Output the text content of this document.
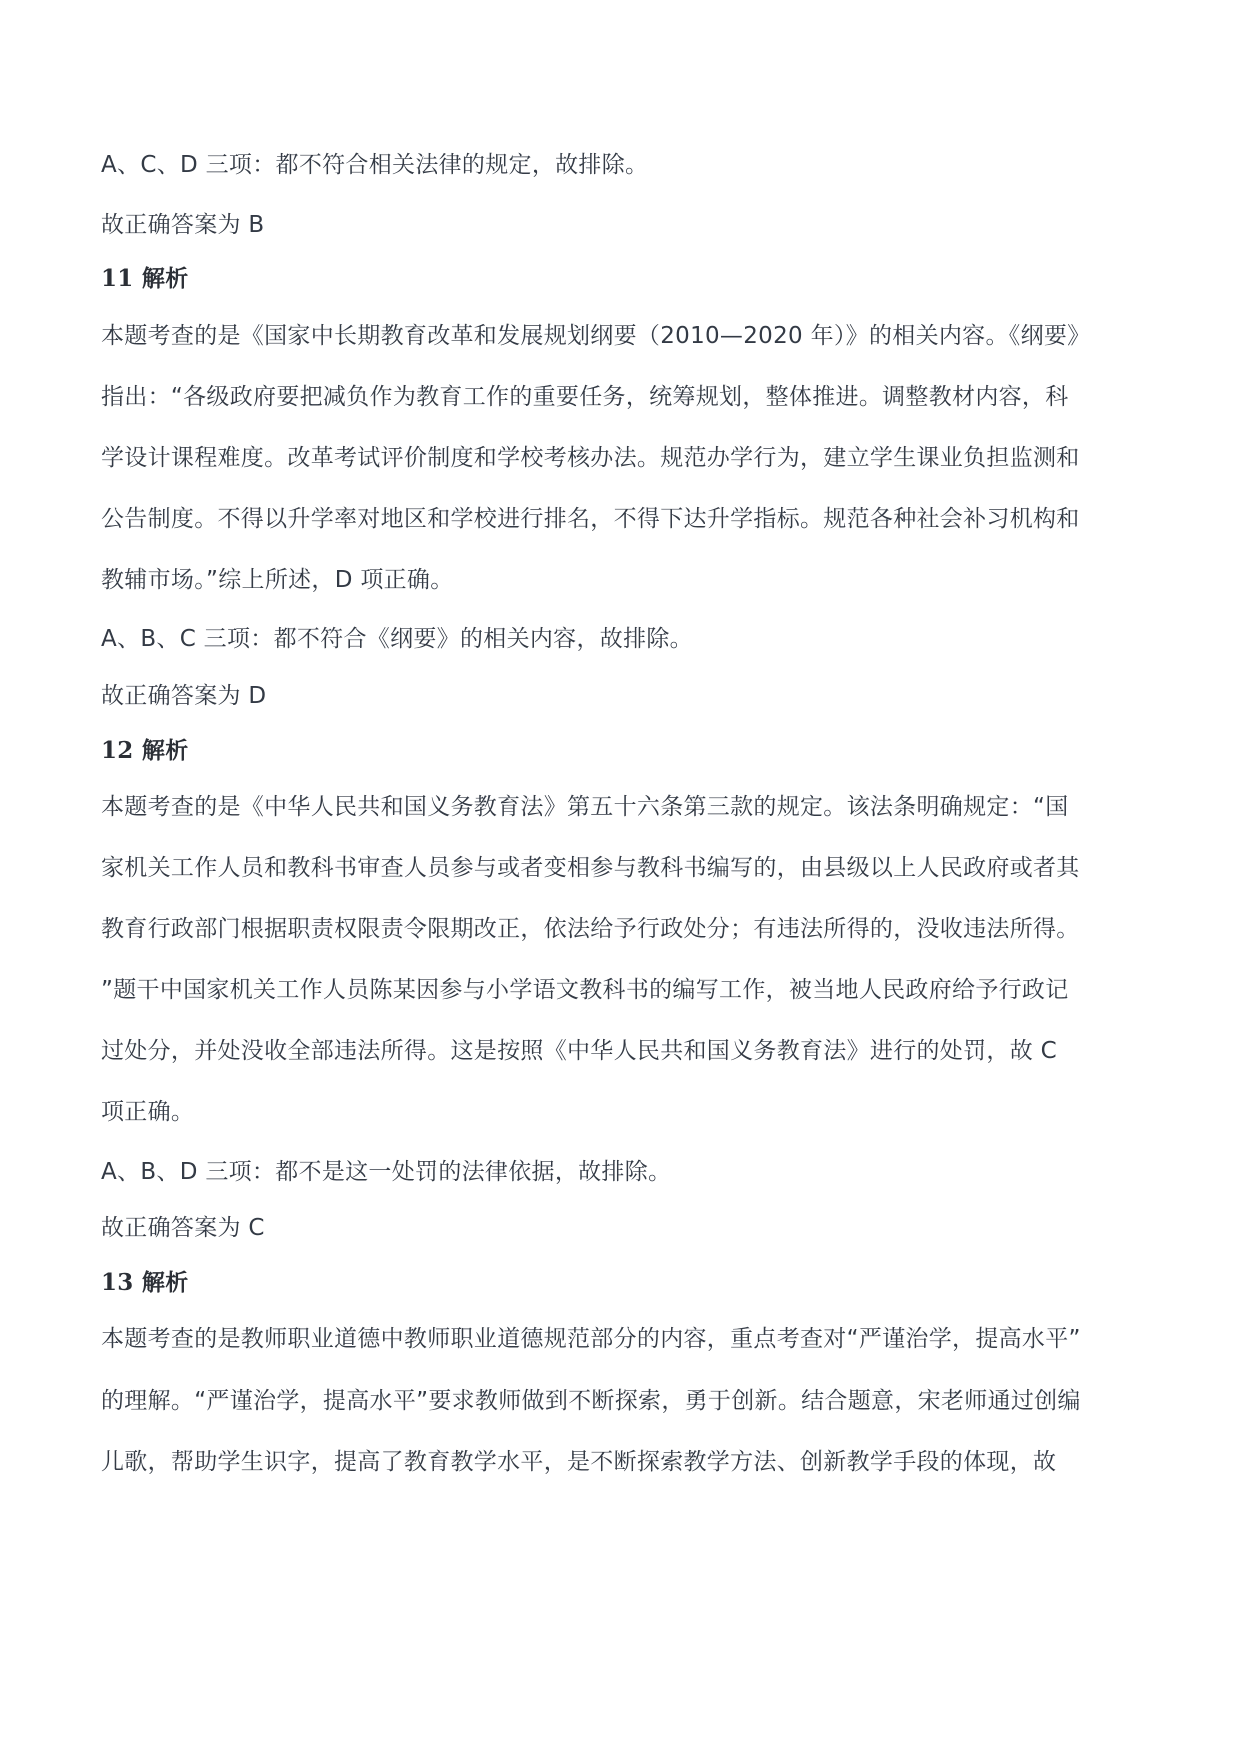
A、C、D 三项：都不符合相关法律的规定，故排除。
故正确答案为 B
11 解析
本题考查的是《国家中长期教育改革和发展规划纲要（2010—2020 年）》的相关内容。《纲要》
指出：“各级政府要把减负作为教育工作的重要任务，统筹规划，整体推进。调整教材内容，科
学设计课程难度。改革考试评价制度和学校考核办法。规范办学行为，建立学生课业负担监测和
公告制度。不得以升学率对地区和学校进行排名，不得下达升学指标。规范各种社会补习机构和
教辅市场。”综上所述，D 项正确。
A、B、C 三项：都不符合《纲要》的相关内容，故排除。
故正确答案为 D
12 解析
本题考查的是《中华人民共和国义务教育法》第五十六条第三款的规定。该法条明确规定：“国
家机关工作人员和教科书审查人员参与或者变相参与教科书编写的，由县级以上人民政府或者其
教育行政部门根据职责权限责令限期改正，依法给予行政处分；有违法所得的，没收违法所得。
”题干中国家机关工作人员陈某因参与小学语文教科书的编写工作，被当地人民政府给予行政记
过处分，并处没收全部违法所得。这是按照《中华人民共和国义务教育法》进行的处罚，故 C
项正确。
A、B、D 三项：都不是这一处罚的法律依据，故排除。
故正确答案为 C
13 解析
本题考查的是教师职业道德中教师职业道德规范部分的内容，重点考查对“严谨治学，提高水平”
的理解。“严谨治学，提高水平”要求教师做到不断探索，勇于创新。结合题意，宋老师通过创编
儿歌，帮助学生识字，提高了教育教学水平，是不断探索教学方法、创新教学手段的体现，故
